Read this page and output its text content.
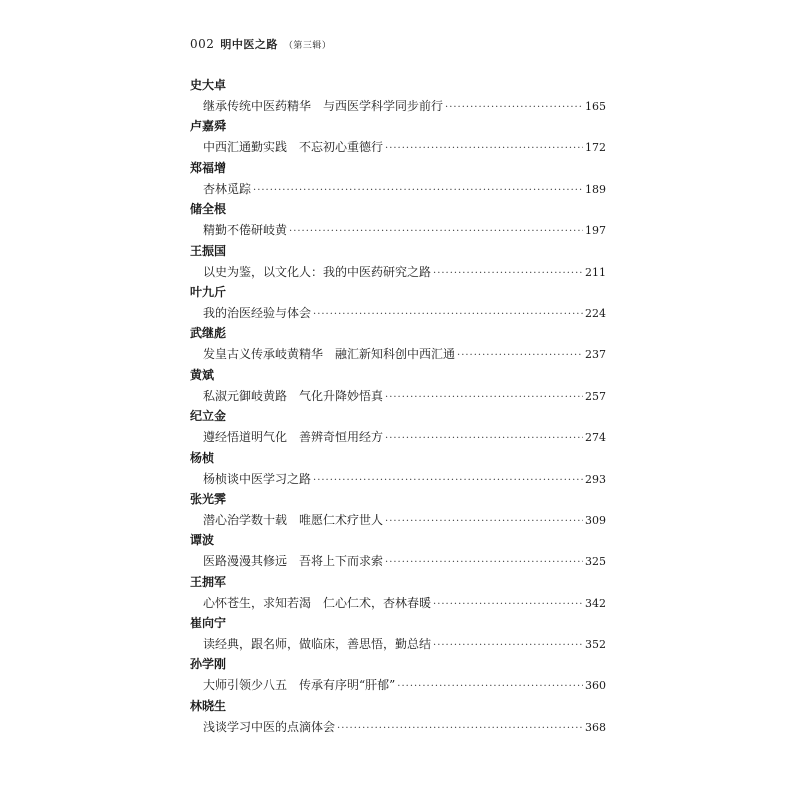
002 明中医之路 （第三辑）
史大卓
继承传统中医药精华　与西医学科学同步前行 ·····	165
卢嘉舜
中西汇通勤实践　不忘初心重德行 ·····	172
郑福增
杏林觅踪 ·····	189
储全根
精勤不倦研岐黄 ·····	197
王振国
以史为鉴，以文化人：我的中医药研究之路 ·····	211
叶九斤
我的治医经验与体会 ·····	224
武继彪
发皇古义传承岐黄精华　融汇新知科创中西汇通 ·····	237
黄斌
私淑元御岐黄路　气化升降妙悟真 ·····	257
纪立金
遵经悟道明气化　善辨奇恒用经方 ·····	274
杨桢
杨桢谈中医学习之路 ·····	293
张光霁
潜心治学数十载　唯愿仁术疗世人 ·····	309
谭波
医路漫漫其修远　吾将上下而求索 ·····	325
王拥军
心怀苍生，求知若渴　仁心仁术，杏林春暖 ·····	342
崔向宁
读经典，跟名师，做临床，善思悟，勤总结 ·····	352
孙学刚
大师引领少八五　传承有序明“肝郁” ·····	360
林晓生
浅谈学习中医的点滴体会 ·····	368
